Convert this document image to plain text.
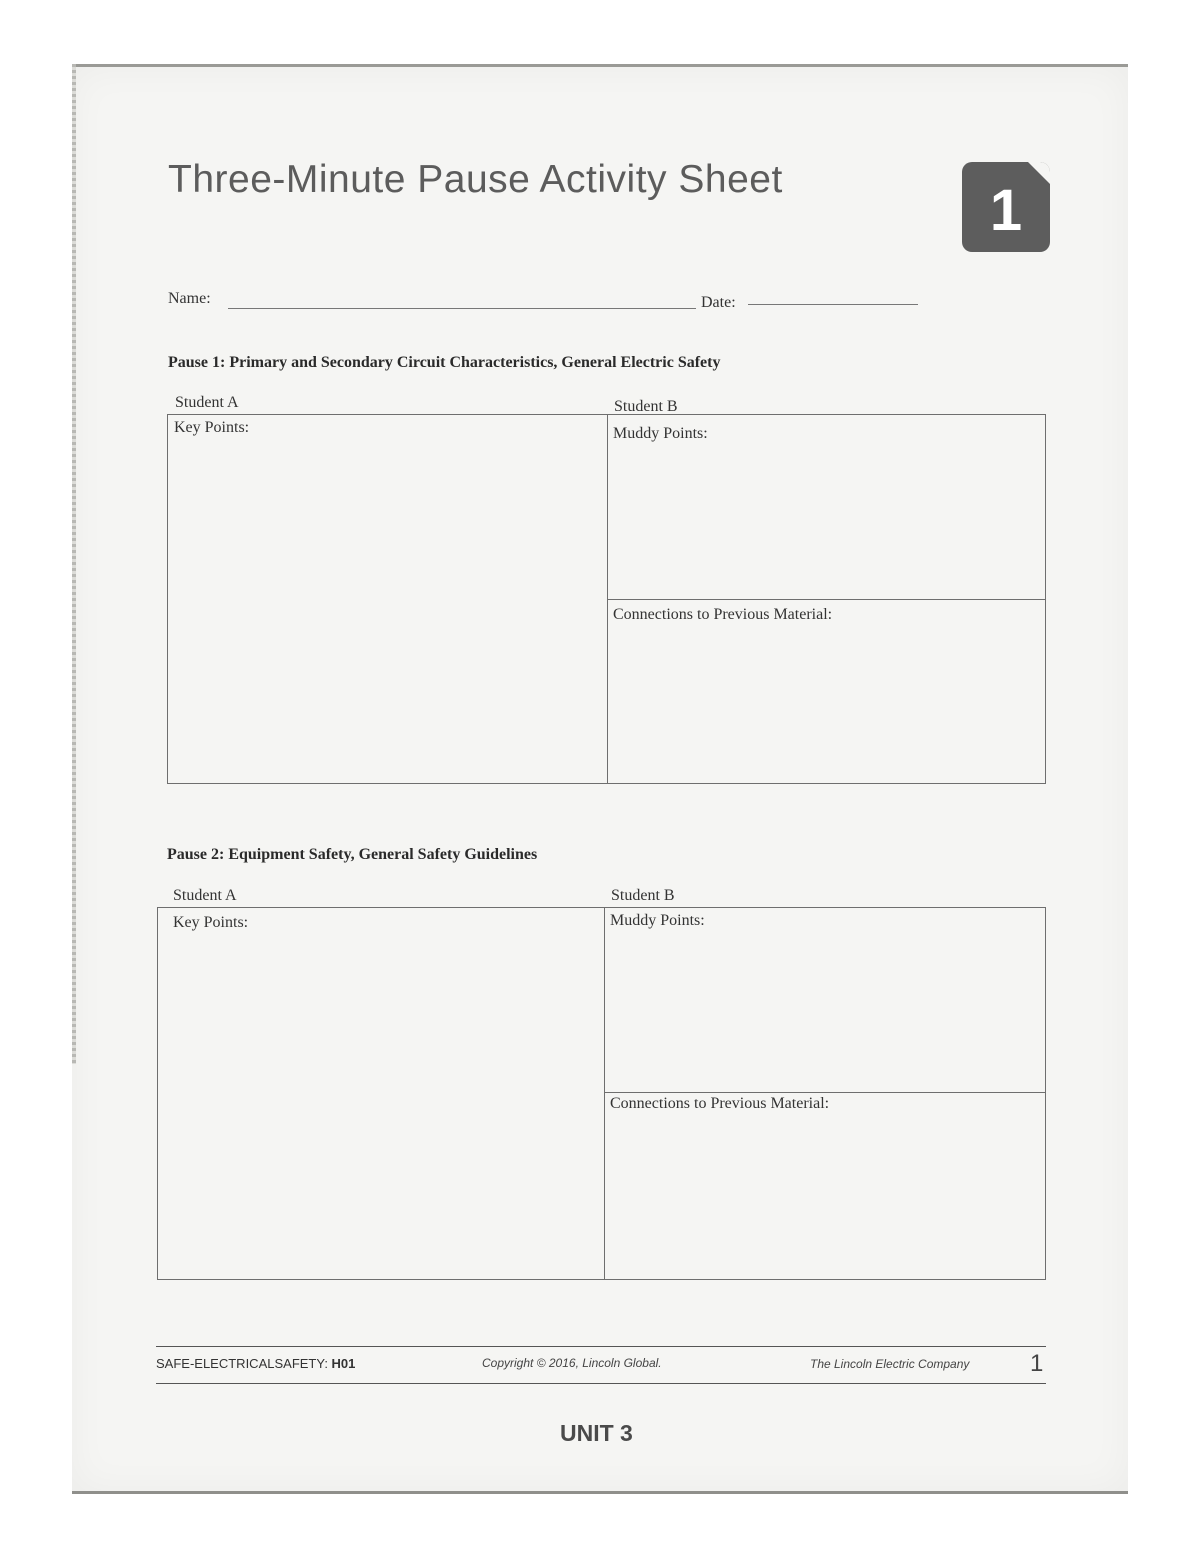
Three-Minute Pause Activity Sheet	1
Name:	Date:
Pause 1: Primary and Secondary Circuit Characteristics, General Electric Safety
Student A	Student B
Key Points:	Muddy Points:
Connections to Previous Material:
Pause 2: Equipment Safety, General Safety Guidelines
Student A	Student B
Key Points:	Muddy Points:
Connections to Previous Material:
SAFE-ELECTRICALSAFETY: H01	Copyright © 2016, Lincoln Global.	The Lincoln Electric Company	1
UNIT 3
